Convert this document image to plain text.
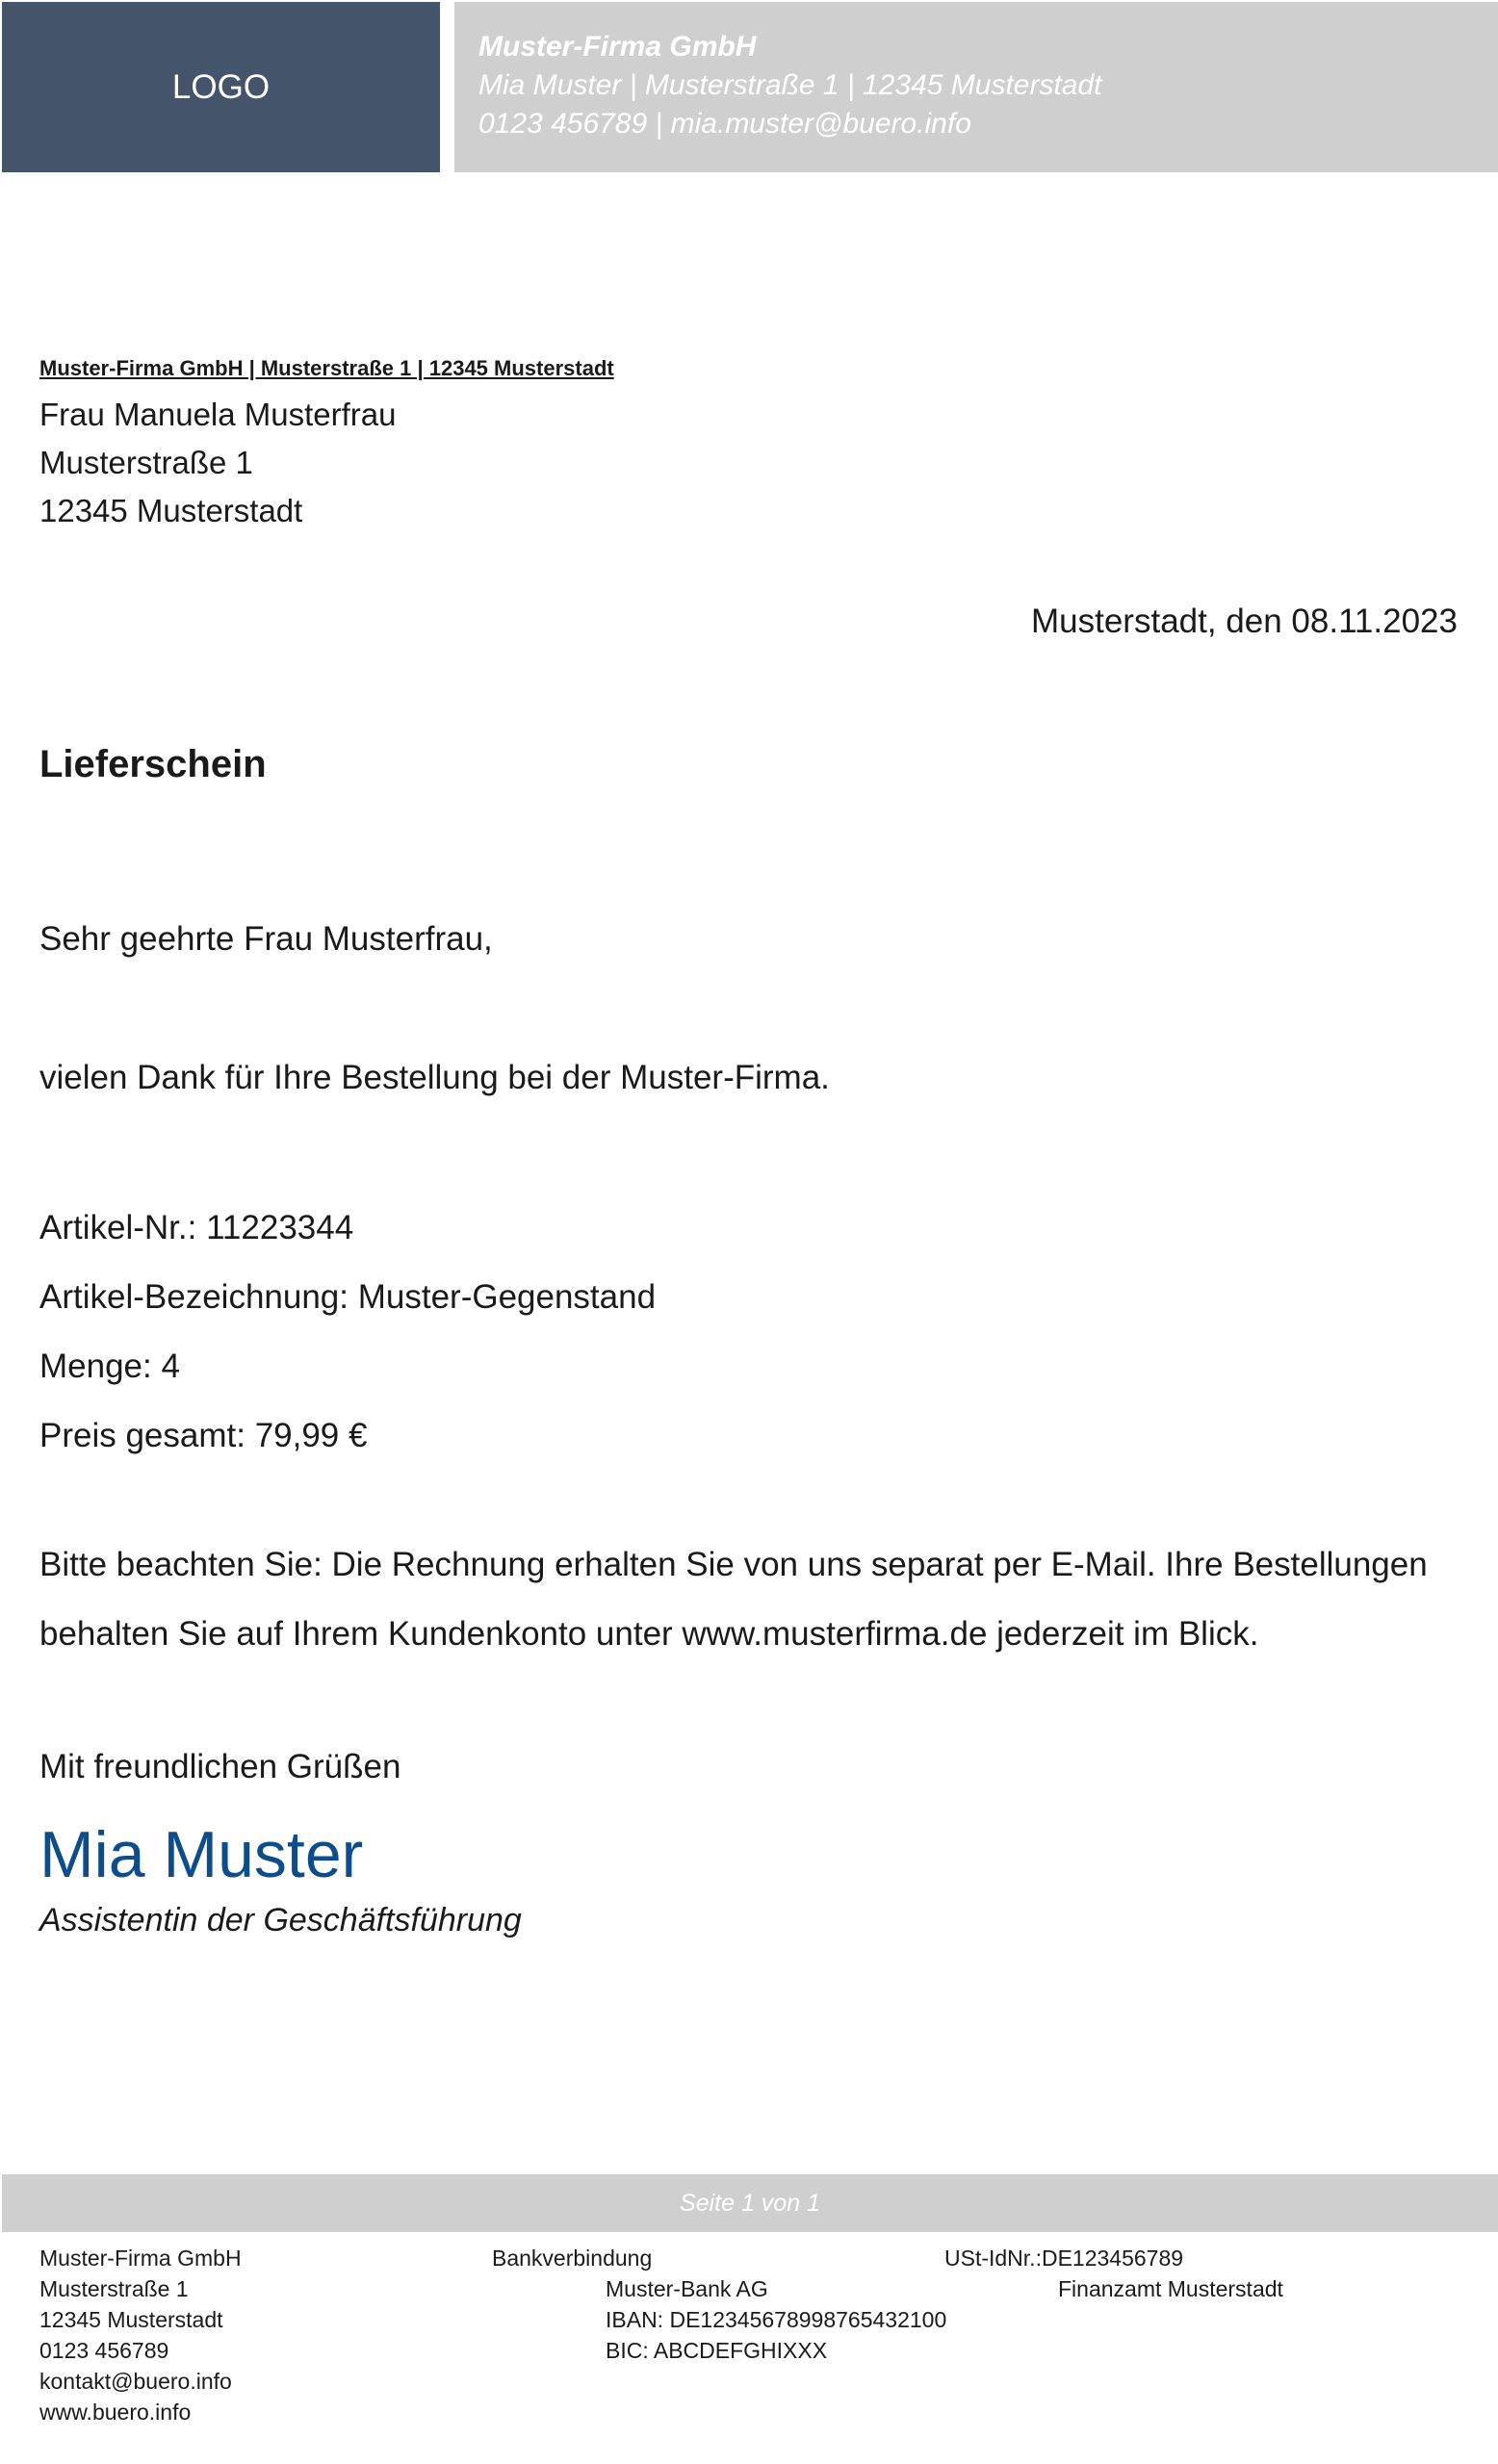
LOGO
Muster-Firma GmbH
Mia Muster | Musterstraße 1 | 12345 Musterstadt
0123 456789 | mia.muster@buero.info
Muster-Firma GmbH | Musterstraße 1 | 12345 Musterstadt
Frau Manuela Musterfrau
Musterstraße 1
12345 Musterstadt
Musterstadt, den 08.11.2023
Lieferschein
Sehr geehrte Frau Musterfrau,
vielen Dank für Ihre Bestellung bei der Muster-Firma.
Artikel-Nr.: 11223344
Artikel-Bezeichnung: Muster-Gegenstand
Menge: 4
Preis gesamt: 79,99 €
Bitte beachten Sie: Die Rechnung erhalten Sie von uns separat per E-Mail. Ihre Bestellungen behalten Sie auf Ihrem Kundenkonto unter www.musterfirma.de jederzeit im Blick.
Mit freundlichen Grüßen
Mia Muster
Assistentin der Geschäftsführung
Seite 1 von 1
Muster-Firma GmbH
Musterstraße 1
12345 Musterstadt
0123 456789
kontakt@buero.info
www.buero.info
Bankverbindung
Muster-Bank AG
IBAN: DE12345678998765432100
BIC: ABCDEFGHIXXX
USt-IdNr.:DE123456789
Finanzamt Musterstadt
